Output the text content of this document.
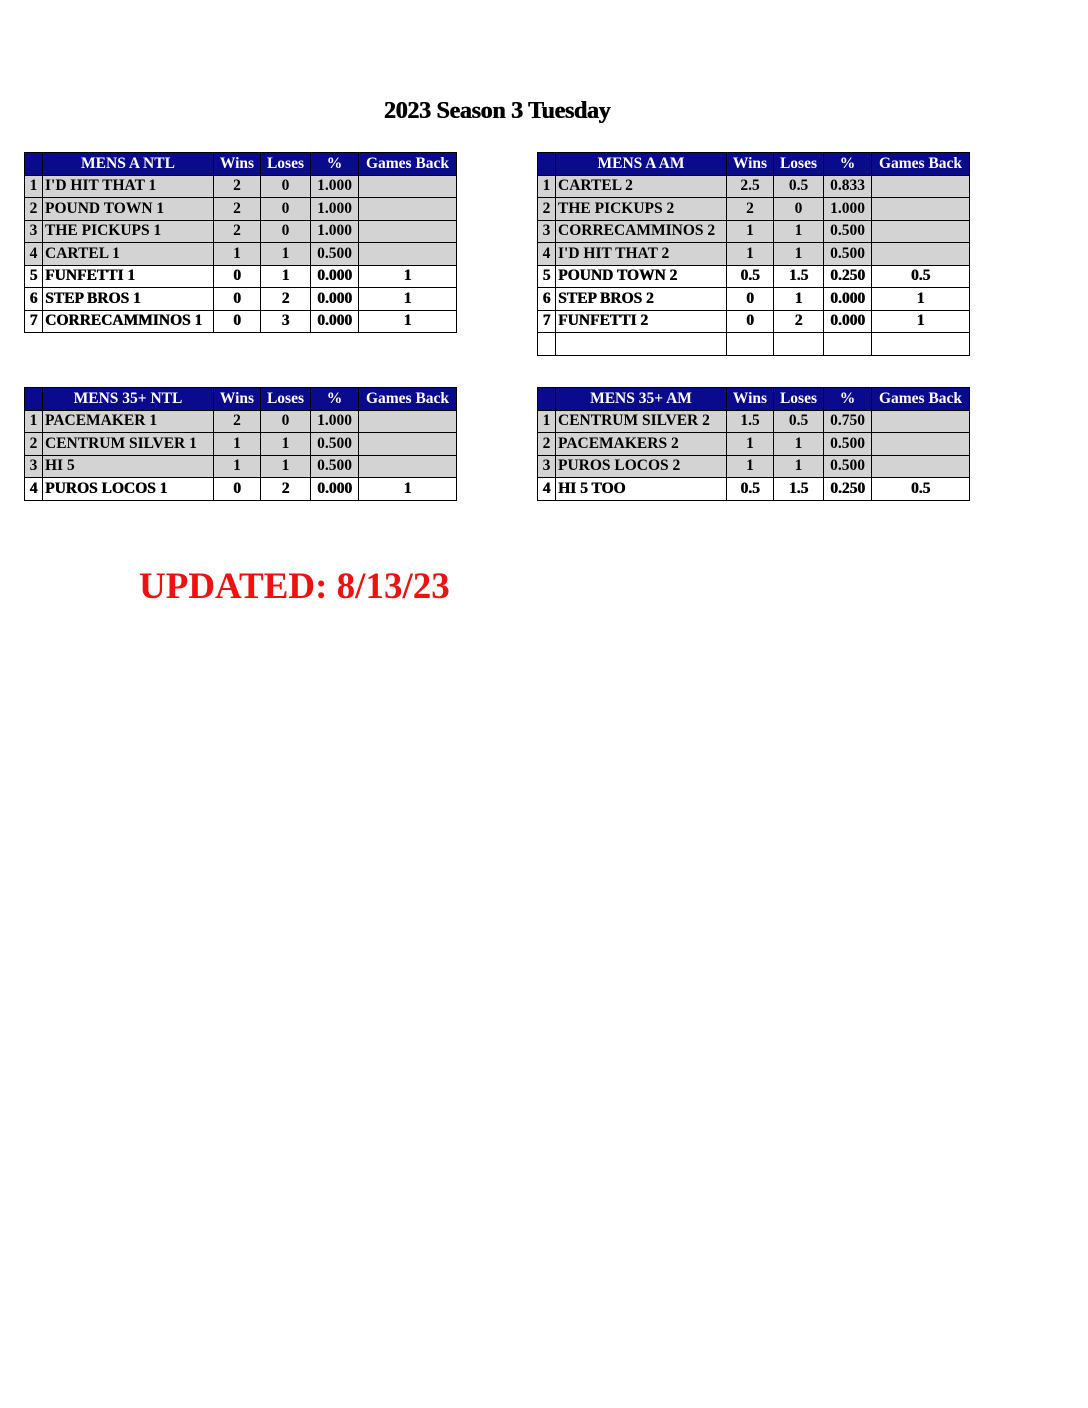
2023 Season 3 Tuesday
	MENS A NTL	Wins	Loses	%	Games Back
1	I'D HIT THAT 1	2	0	1.000	
2	POUND TOWN 1	2	0	1.000	
3	THE PICKUPS 1	2	0	1.000	
4	CARTEL 1	1	1	0.500	
5	FUNFETTI 1	0	1	0.000	1
6	STEP BROS 1	0	2	0.000	1
7	CORRECAMMINOS 1	0	3	0.000	1
	MENS A AM	Wins	Loses	%	Games Back
1	CARTEL 2	2.5	0.5	0.833	
2	THE PICKUPS 2	2	0	1.000	
3	CORRECAMMINOS 2	1	1	0.500	
4	I'D HIT THAT 2	1	1	0.500	
5	POUND TOWN 2	0.5	1.5	0.250	0.5
6	STEP BROS 2	0	1	0.000	1
7	FUNFETTI 2	0	2	0.000	1

	MENS 35+ NTL	Wins	Loses	%	Games Back
1	PACEMAKER 1	2	0	1.000	
2	CENTRUM SILVER 1	1	1	0.500	
3	HI 5	1	1	0.500	
4	PUROS LOCOS 1	0	2	0.000	1
	MENS 35+ AM	Wins	Loses	%	Games Back
1	CENTRUM SILVER 2	1.5	0.5	0.750	
2	PACEMAKERS 2	1	1	0.500	
3	PUROS LOCOS 2	1	1	0.500	
4	HI 5 TOO	0.5	1.5	0.250	0.5
UPDATED: 8/13/23
